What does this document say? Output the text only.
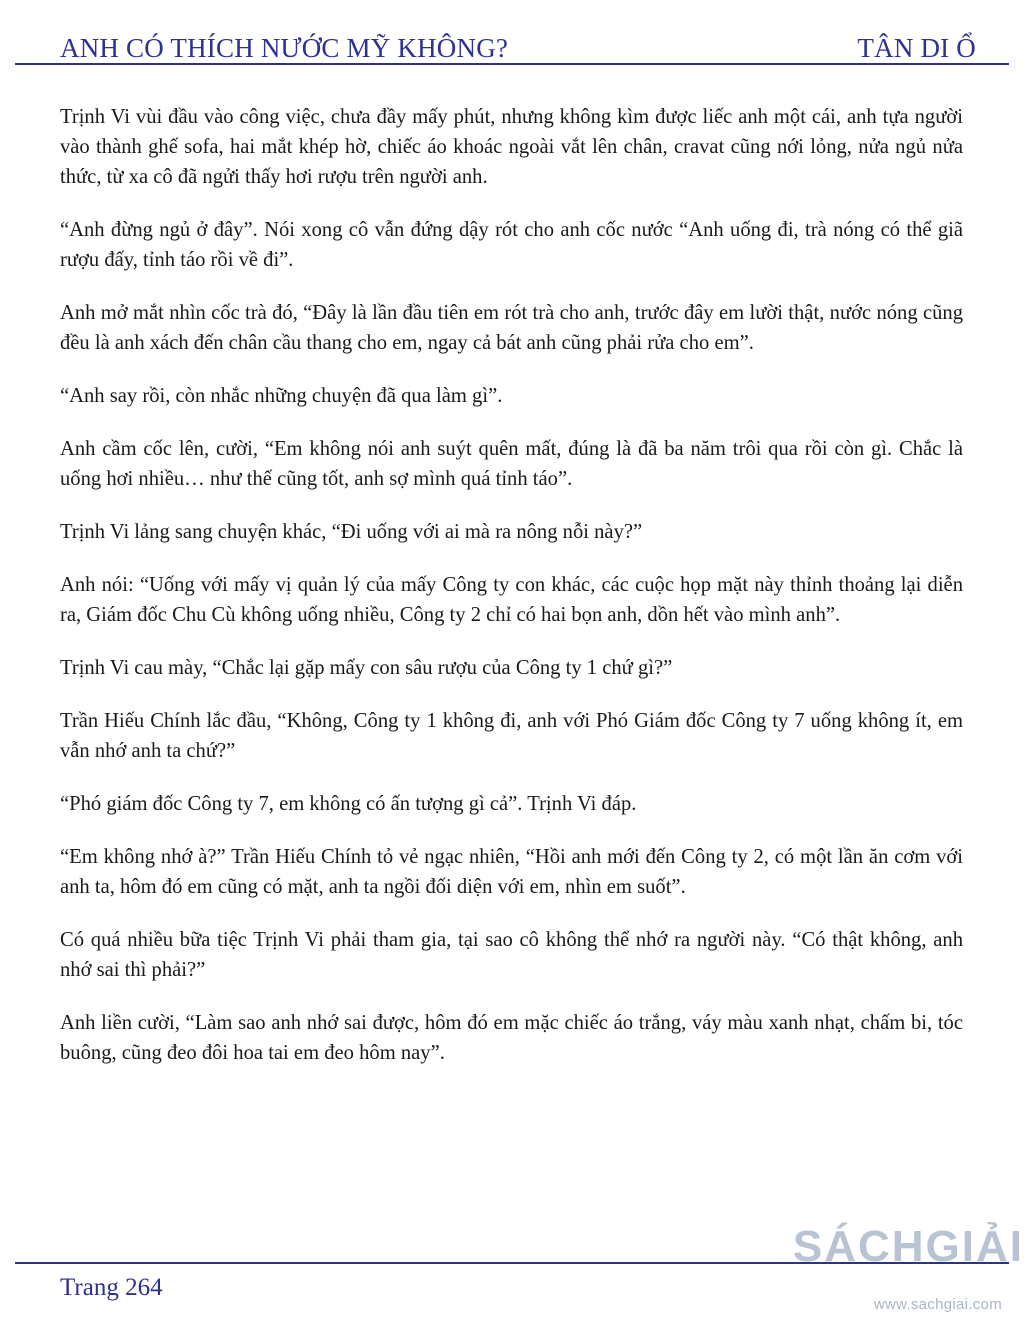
ANH CÓ THÍCH NƯỚC MỸ KHÔNG?	TÂN DI Ổ

Trịnh Vi vùi đầu vào công việc, chưa đầy mấy phút, nhưng không kìm được liếc anh một cái, anh tựa người vào thành ghế sofa, hai mắt khép hờ, chiếc áo khoác ngoài vắt lên chân, cravat cũng nới lỏng, nửa ngủ nửa thức, từ xa cô đã ngửi thấy hơi rượu trên người anh.

“Anh đừng ngủ ở đây”. Nói xong cô vẫn đứng dậy rót cho anh cốc nước “Anh uống đi, trà nóng có thể giã rượu đấy, tỉnh táo rồi về đi”.

Anh mở mắt nhìn cốc trà đó, “Đây là lần đầu tiên em rót trà cho anh, trước đây em lười thật, nước nóng cũng đều là anh xách đến chân cầu thang cho em, ngay cả bát anh cũng phải rửa cho em”.

“Anh say rồi, còn nhắc những chuyện đã qua làm gì”.

Anh cầm cốc lên, cười, “Em không nói anh suýt quên mất, đúng là đã ba năm trôi qua rồi còn gì. Chắc là uống hơi nhiều… như thế cũng tốt, anh sợ mình quá tỉnh táo”.

Trịnh Vi lảng sang chuyện khác, “Đi uống với ai mà ra nông nỗi này?”

Anh nói: “Uống với mấy vị quản lý của mấy Công ty con khác, các cuộc họp mặt này thỉnh thoảng lại diễn ra, Giám đốc Chu Cù không uống nhiều, Công ty 2 chỉ có hai bọn anh, dồn hết vào mình anh”.

Trịnh Vi cau mày, “Chắc lại gặp mấy con sâu rượu của Công ty 1 chứ gì?”

Trần Hiếu Chính lắc đầu, “Không, Công ty 1 không đi, anh với Phó Giám đốc Công ty 7 uống không ít, em vẫn nhớ anh ta chứ?”

“Phó giám đốc Công ty 7, em không có ấn tượng gì cả”. Trịnh Vi đáp.

“Em không nhớ à?” Trần Hiếu Chính tỏ vẻ ngạc nhiên, “Hồi anh mới đến Công ty 2, có một lần ăn cơm với anh ta, hôm đó em cũng có mặt, anh ta ngồi đối diện với em, nhìn em suốt”.

Có quá nhiều bữa tiệc Trịnh Vi phải tham gia, tại sao cô không thể nhớ ra người này. “Có thật không, anh nhớ sai thì phải?”

Anh liền cười, “Làm sao anh nhớ sai được, hôm đó em mặc chiếc áo trắng, váy màu xanh nhạt, chấm bi, tóc buông, cũng đeo đôi hoa tai em đeo hôm nay”.

Trang 264
SÁCHGIẢI
www.sachgiai.com
